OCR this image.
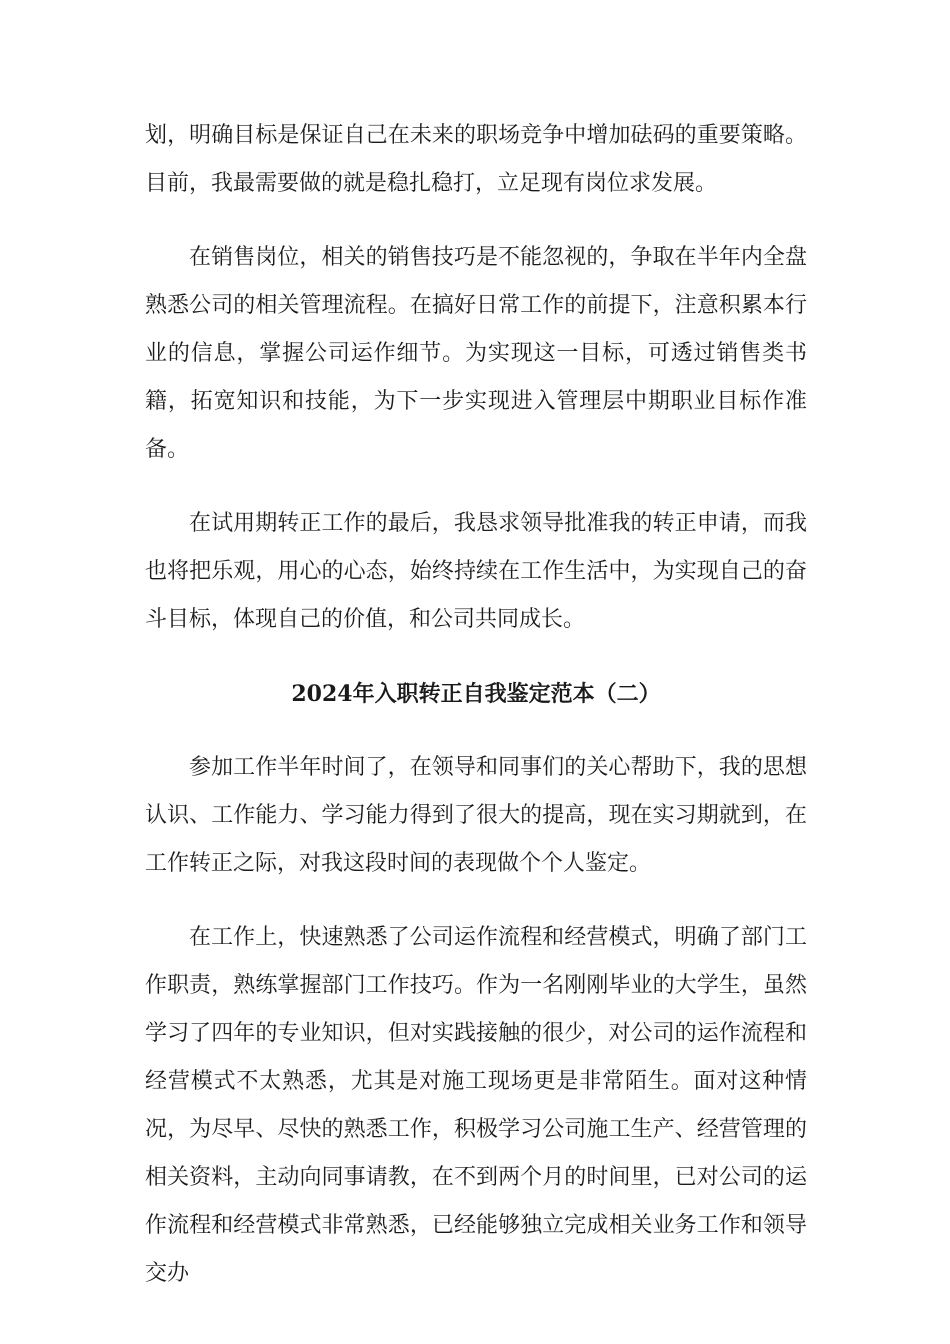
划，明确目标是保证自己在未来的职场竞争中增加砝码的重要策略。目前，我最需要做的就是稳扎稳打，立足现有岗位求发展。

在销售岗位，相关的销售技巧是不能忽视的，争取在半年内全盘熟悉公司的相关管理流程。在搞好日常工作的前提下，注意积累本行业的信息，掌握公司运作细节。为实现这一目标，可透过销售类书籍，拓宽知识和技能，为下一步实现进入管理层中期职业目标作准备。

在试用期转正工作的最后，我恳求领导批准我的转正申请，而我也将把乐观，用心的心态，始终持续在工作生活中，为实现自己的奋斗目标，体现自己的价值，和公司共同成长。

2024年入职转正自我鉴定范本（二）

参加工作半年时间了，在领导和同事们的关心帮助下，我的思想认识、工作能力、学习能力得到了很大的提高，现在实习期就到，在工作转正之际，对我这段时间的表现做个个人鉴定。

在工作上，快速熟悉了公司运作流程和经营模式，明确了部门工作职责，熟练掌握部门工作技巧。作为一名刚刚毕业的大学生，虽然学习了四年的专业知识，但对实践接触的很少，对公司的运作流程和经营模式不太熟悉，尤其是对施工现场更是非常陌生。面对这种情况，为尽早、尽快的熟悉工作，积极学习公司施工生产、经营管理的相关资料，主动向同事请教，在不到两个月的时间里，已对公司的运作流程和经营模式非常熟悉，已经能够独立完成相关业务工作和领导交办
